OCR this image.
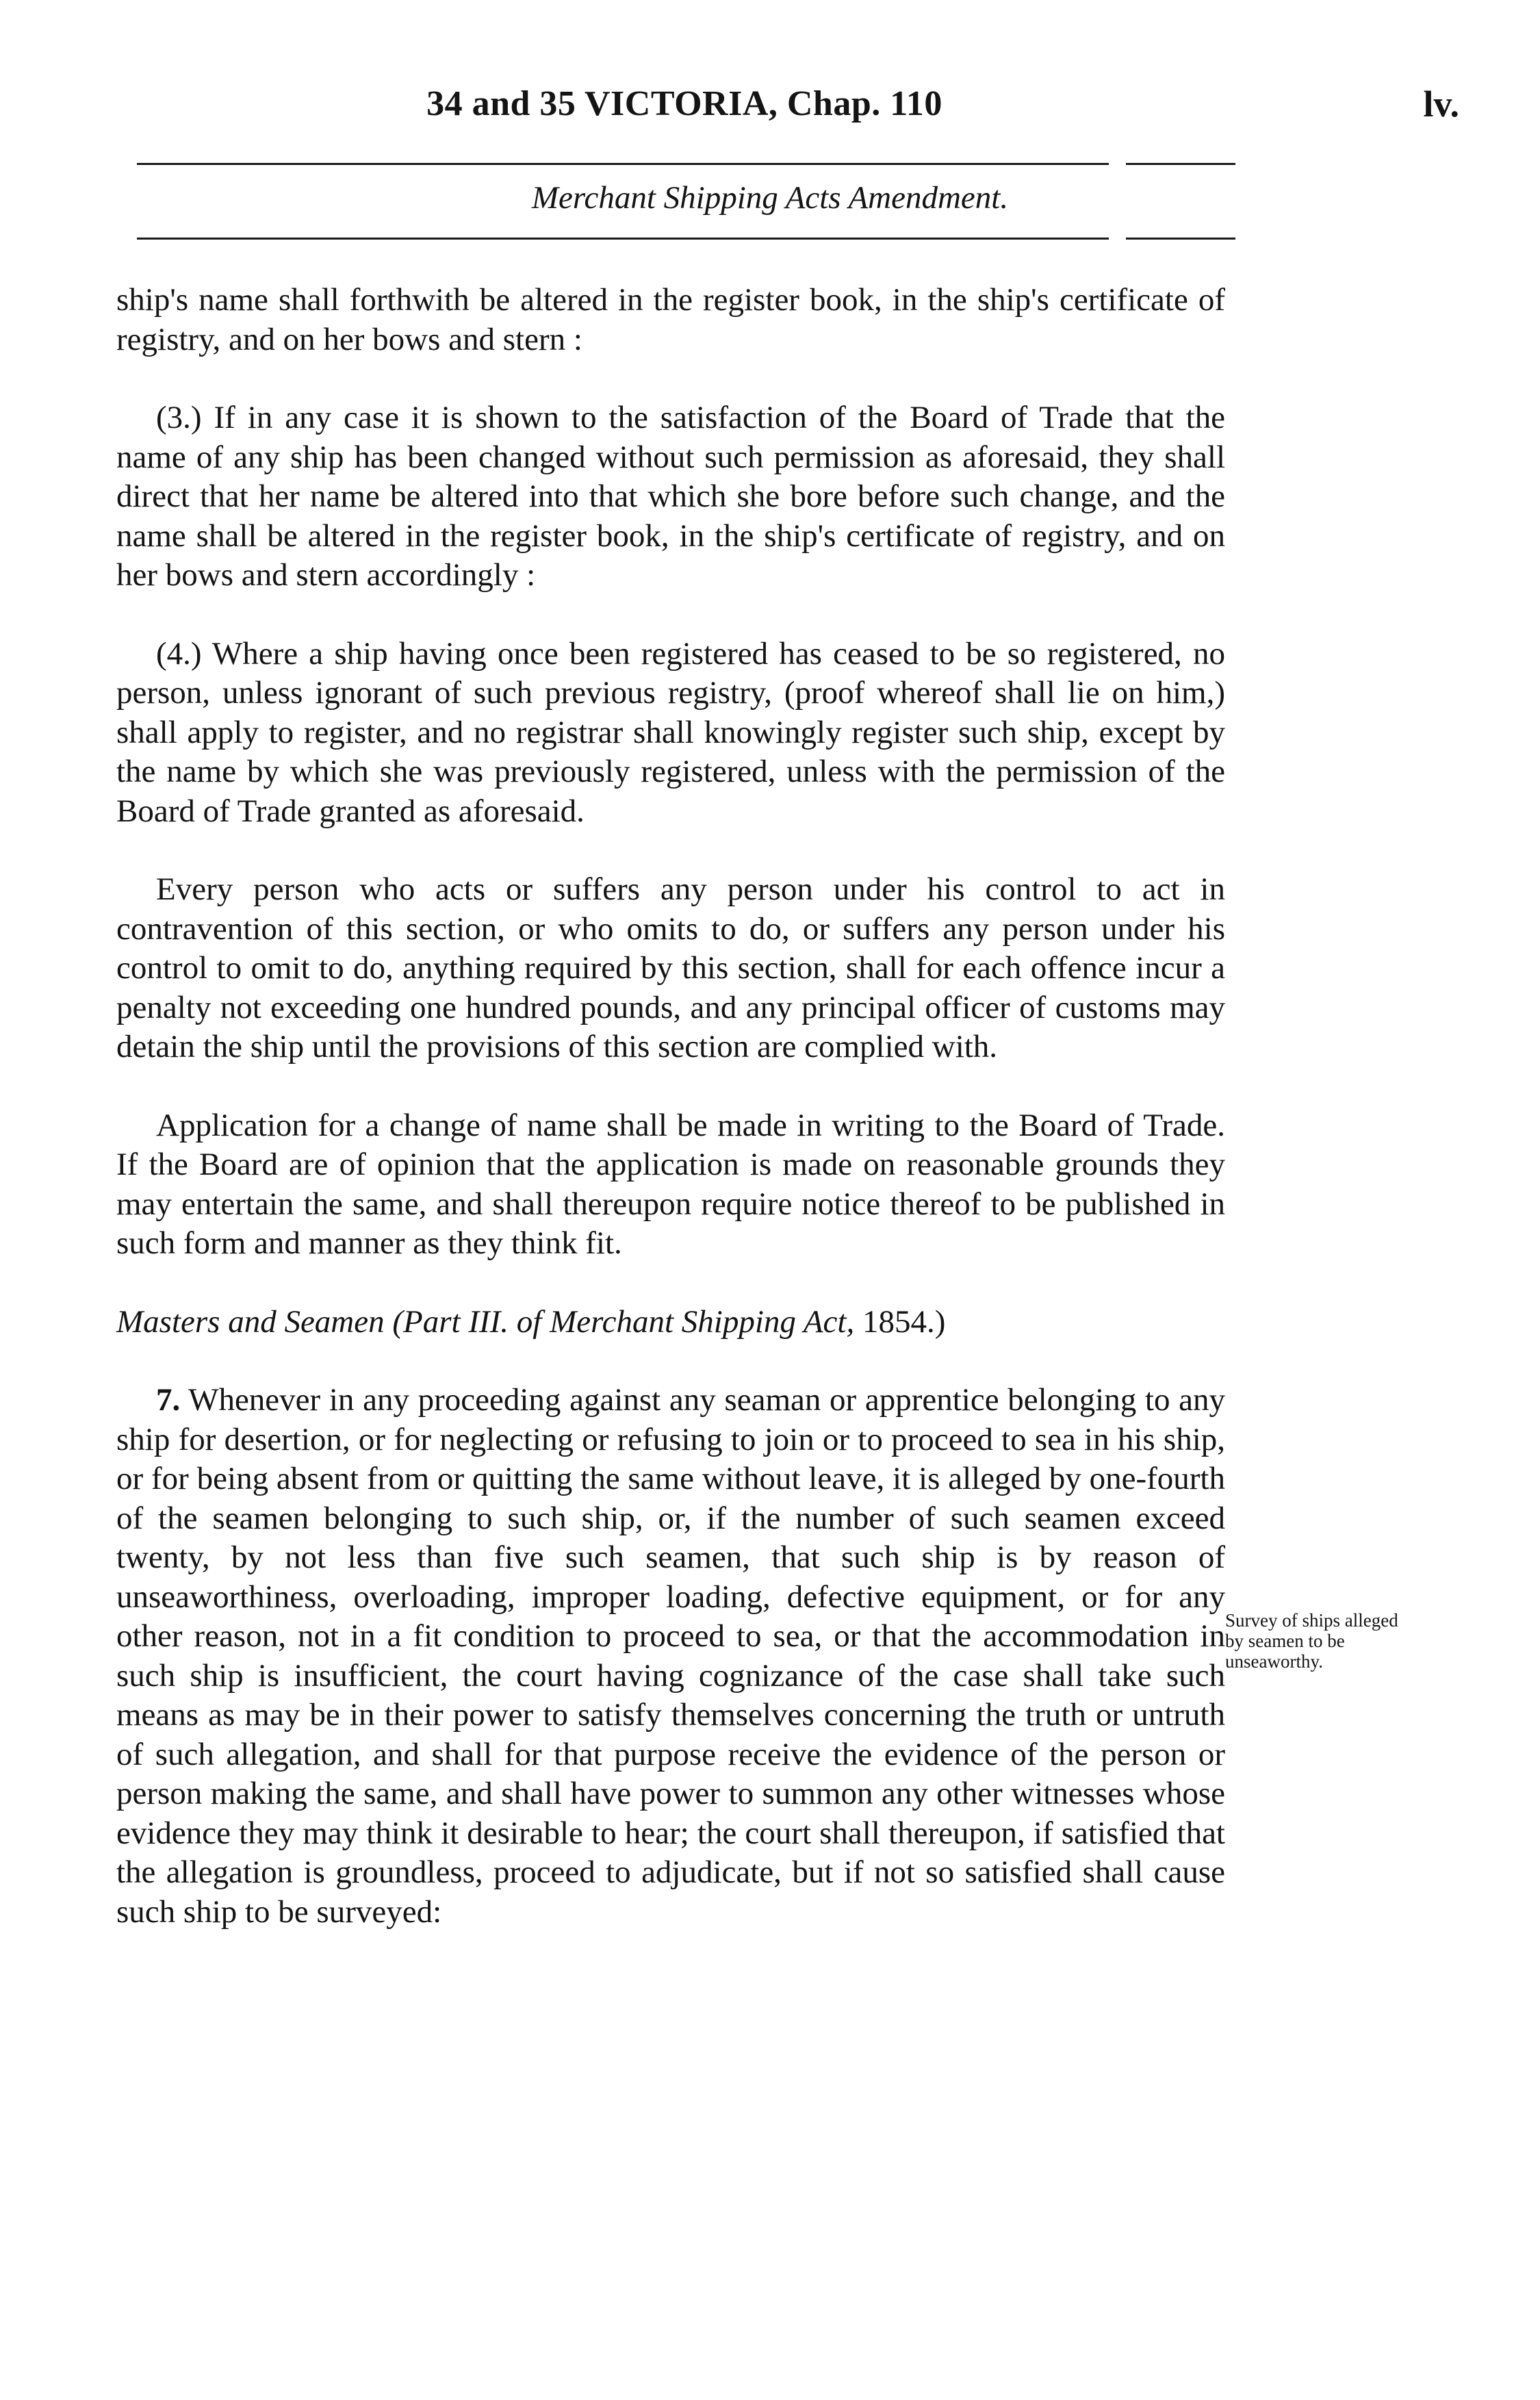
34 and 35 VICTORIA, Chap. 110	lv.
Merchant Shipping Acts Amendment.

ship's name shall forthwith be altered in the register book, in the ship's certificate of registry, and on her bows and stern :

(3.) If in any case it is shown to the satisfaction of the Board of Trade that the name of any ship has been changed without such permission as aforesaid, they shall direct that her name be altered into that which she bore before such change, and the name shall be altered in the register book, in the ship's certificate of registry, and on her bows and stern accordingly :

(4.) Where a ship having once been registered has ceased to be so registered, no person, unless ignorant of such previous registry, (proof whereof shall lie on him,) shall apply to register, and no registrar shall knowingly register such ship, except by the name by which she was previously registered, unless with the permission of the Board of Trade granted as aforesaid.

Every person who acts or suffers any person under his control to act in contravention of this section, or who omits to do, or suffers any person under his control to omit to do, anything required by this section, shall for each offence incur a penalty not exceeding one hundred pounds, and any principal officer of customs may detain the ship until the provisions of this section are complied with.

Application for a change of name shall be made in writing to the Board of Trade. If the Board are of opinion that the application is made on reasonable grounds they may entertain the same, and shall thereupon require notice thereof to be published in such form and manner as they think fit.

Masters and Seamen (Part III. of Merchant Shipping Act, 1854.)

7. Whenever in any proceeding against any seaman or apprentice belonging to any ship for desertion, or for neglecting or refusing to join or to proceed to sea in his ship, or for being absent from or quitting the same without leave, it is alleged by one-fourth of the seamen belonging to such ship, or, if the number of such seamen exceed twenty, by not less than five such seamen, that such ship is by reason of unseaworthiness, overloading, improper loading, defective equipment, or for any other reason, not in a fit condition to proceed to sea, or that the accommodation in such ship is insufficient, the court having cognizance of the case shall take such means as may be in their power to satisfy themselves concerning the truth or untruth of such allegation, and shall for that purpose receive the evidence of the person or person making the same, and shall have power to summon any other witnesses whose evidence they may think it desirable to hear; the court shall thereupon, if satisfied that the allegation is groundless, proceed to adjudicate, but if not so satisfied shall cause such ship to be surveyed:

Survey of ships alleged by seamen to be unseaworthy.
